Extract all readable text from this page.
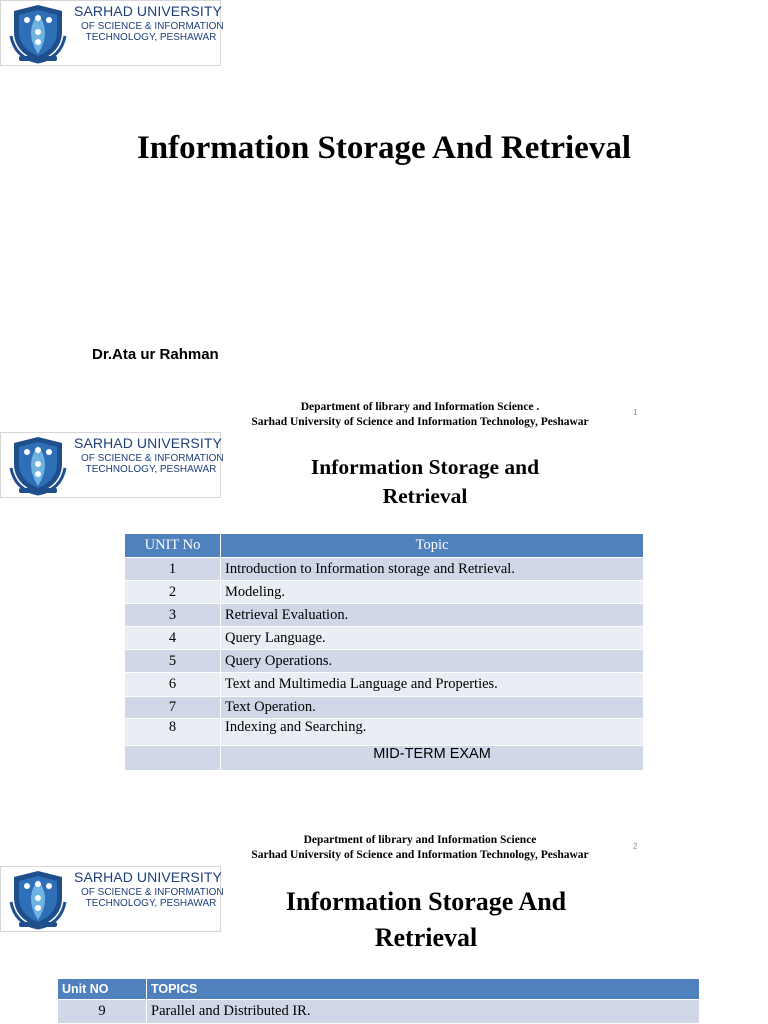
SARHAD UNIVERSITY
OF SCIENCE & INFORMATION
TECHNOLOGY, PESHAWAR
Information Storage And Retrieval
Dr.Ata ur Rahman
Department of library and Information Science .
Sarhad University of Science and Information Technology, Peshawar
1
SARHAD UNIVERSITY
OF SCIENCE & INFORMATION
TECHNOLOGY, PESHAWAR	Information Storage and
Retrieval
UNIT No	Topic
1	Introduction to Information storage and Retrieval.
2	Modeling.
3	Retrieval Evaluation.
4	Query Language.
5	Query Operations.
6	Text and Multimedia Language and Properties.
7	Text Operation.
8	Indexing and Searching.
	MID-TERM EXAM
Department of library and Information Science
Sarhad University of Science and Information Technology, Peshawar
2
SARHAD UNIVERSITY
OF SCIENCE & INFORMATION
TECHNOLOGY, PESHAWAR	Information Storage And
Retrieval
Unit NO	TOPICS
9	Parallel and Distributed IR.
